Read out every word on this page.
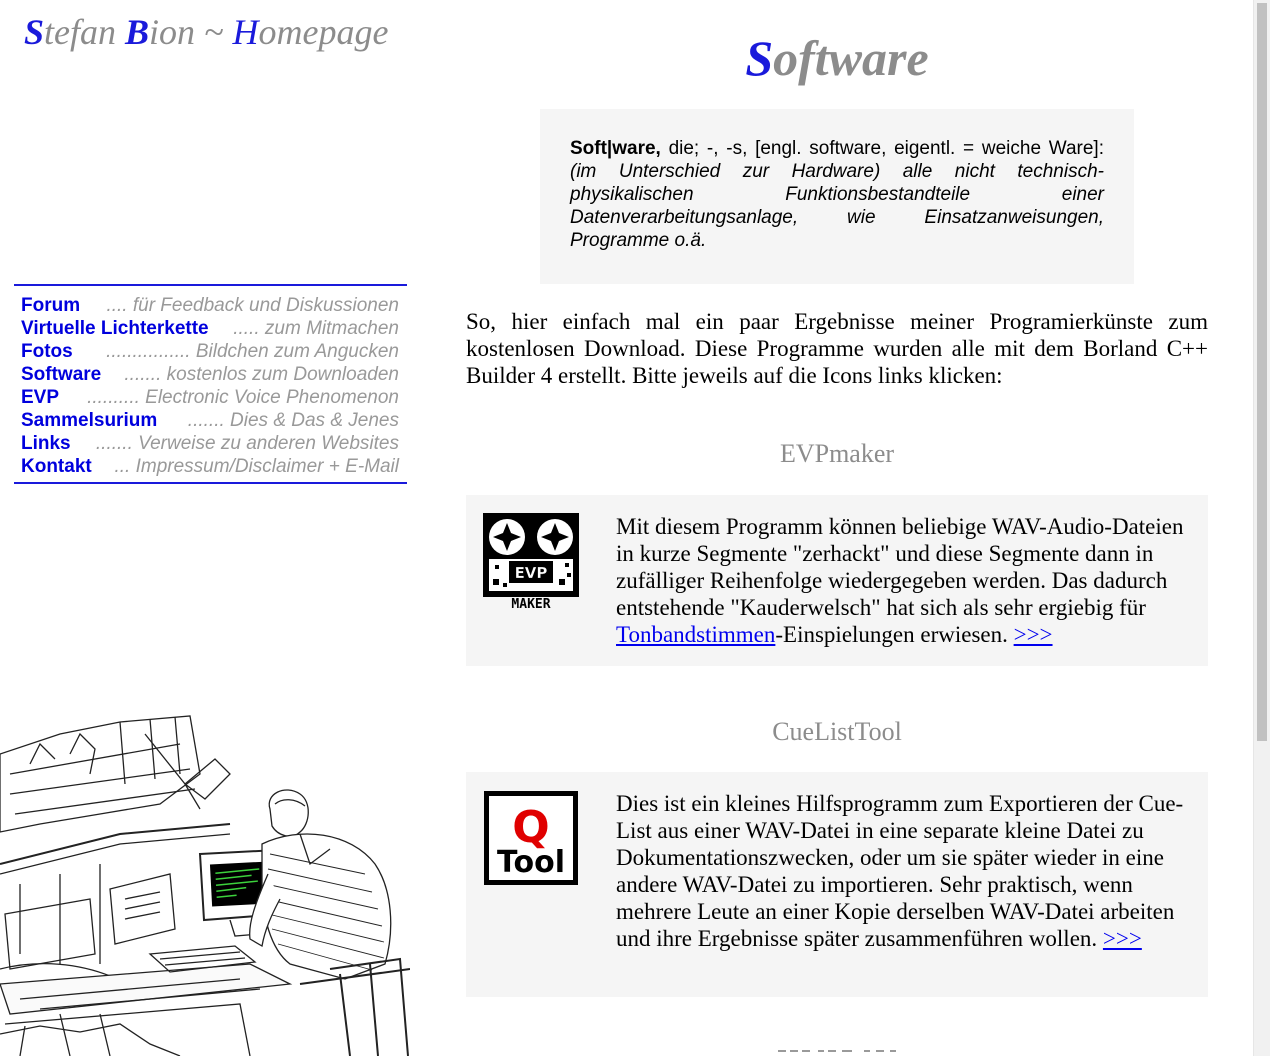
Stefan Bion ~ Homepage
Forum .... für Feedback und Diskussionen
Virtuelle Lichterkette ..... zum Mitmachen
Fotos ................ Bildchen zum Angucken
Software ....... kostenlos zum Downloaden
EVP .......... Electronic Voice Phenomenon
Sammelsurium ....... Dies & Das & Jenes
Links ....... Verweise zu anderen Websites
Kontakt ... Impressum/Disclaimer + E-Mail
Software
Soft|ware, die; -, -s, [engl. software, eigentl. = weiche Ware]: (im Unterschied zur Hardware) alle nicht technisch-physikalischen Funktionsbestandteile einer Datenverarbeitungsanlage, wie Einsatzanweisungen, Programme o.ä.

So, hier einfach mal ein paar Ergebnisse meiner Programierkünste zum kostenlosen Download. Diese Programme wurden alle mit dem Borland C++ Builder 4 erstellt. Bitte jeweils auf die Icons links klicken:

EVPmaker
EVP
MAKER

Mit diesem Programm können beliebige WAV-Audio-Dateien in kurze Segmente "zerhackt" und diese Segmente dann in zufälliger Reihenfolge wiedergegeben werden. Das dadurch entstehende "Kauderwelsch" hat sich als sehr ergiebig für Tonbandstimmen-Einspielungen erwiesen. >>>

CueListTool
Q
Tool

Dies ist ein kleines Hilfsprogramm zum Exportieren der Cue-List aus einer WAV-Datei in eine separate kleine Datei zu Dokumentationszwecken, oder um sie später wieder in eine andere WAV-Datei zu importieren. Sehr praktisch, wenn mehrere Leute an einer Kopie derselben WAV-Datei arbeiten und ihre Ergebnisse später zusammenführen wollen. >>>
